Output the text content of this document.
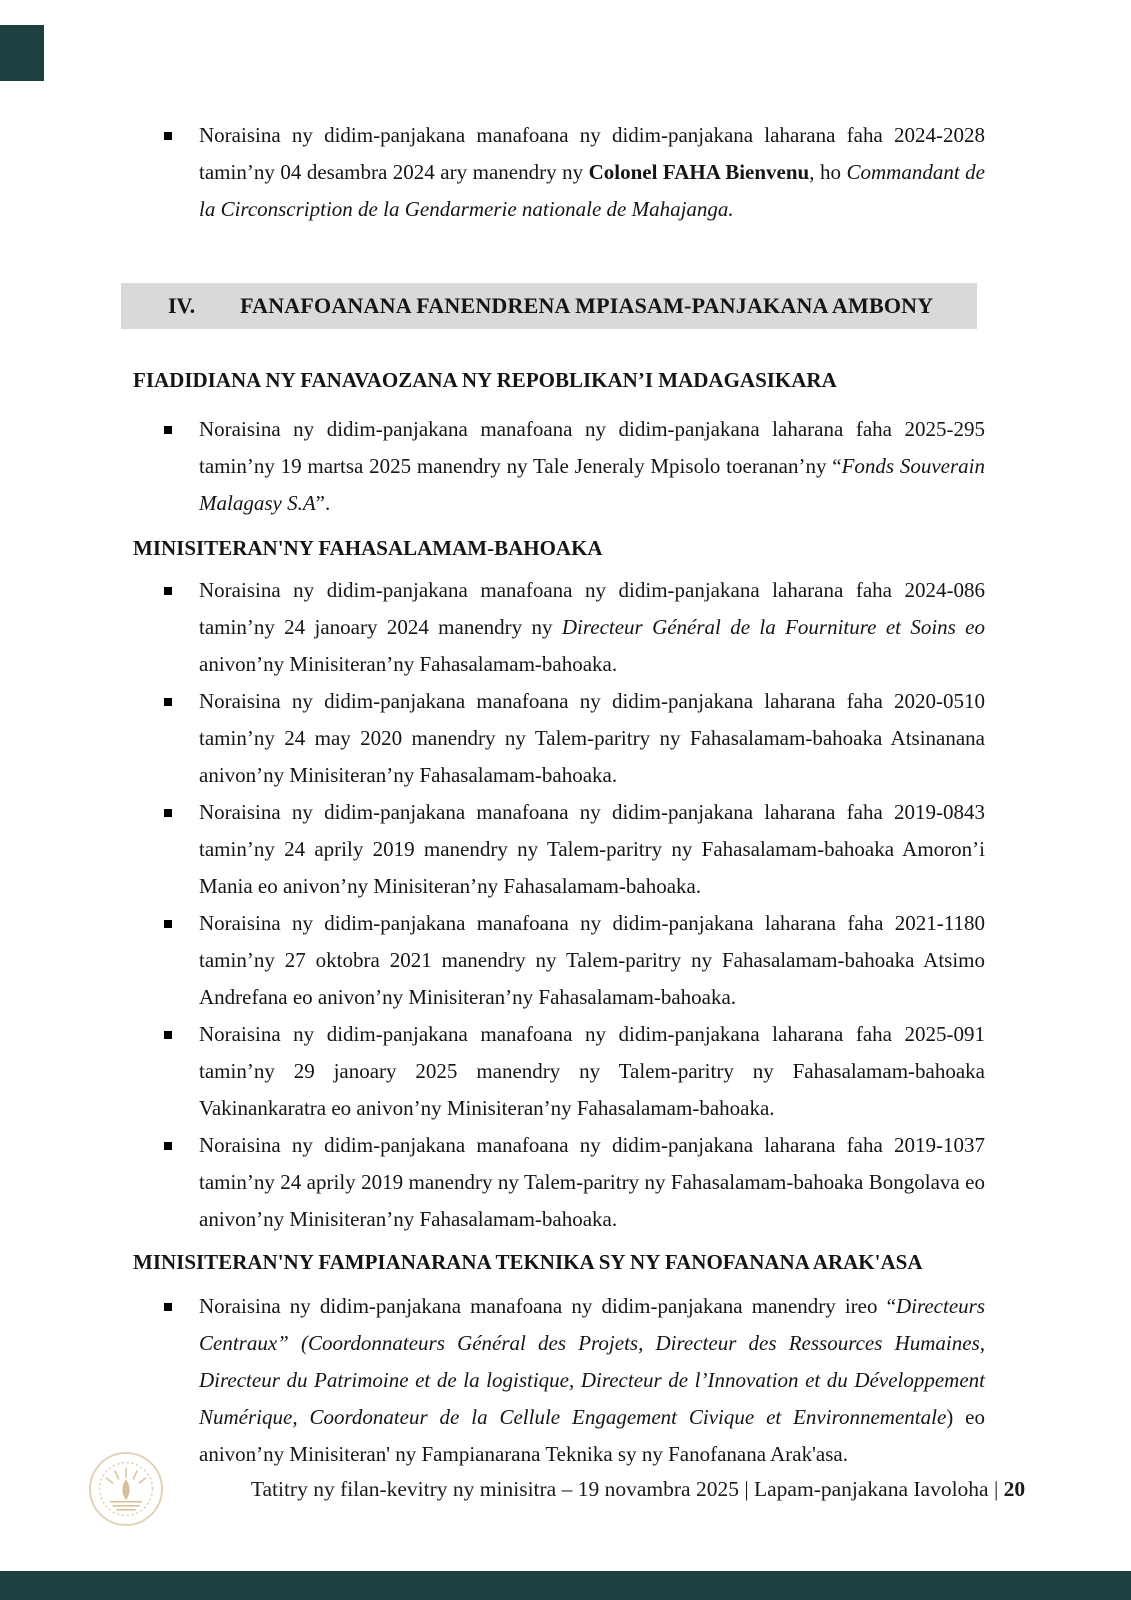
Noraisina ny didim-panjakana manafoana ny didim-panjakana laharana faha 2024-2028 tamin’ny 04 desambra 2024 ary manendry ny Colonel FAHA Bienvenu, ho Commandant de la Circonscription de la Gendarmerie nationale de Mahajanga.
IV. FANAFOANANA FANENDRENA MPIASAM-PANJAKANA AMBONY
FIADIDIANA NY FANAVAOZANA NY REPOBLIKAN’I MADAGASIKARA
Noraisina ny didim-panjakana manafoana ny didim-panjakana laharana faha 2025-295 tamin’ny 19 martsa 2025 manendry ny Tale Jeneraly Mpisolo toeranan’ny “Fonds Souverain Malagasy S.A”.
MINISITERAN'NY FAHASALAMAM-BAHOAKA
Noraisina ny didim-panjakana manafoana ny didim-panjakana laharana faha 2024-086 tamin’ny 24 janoary 2024 manendry ny Directeur Général de la Fourniture et Soins eo anivon’ny Minisiteran’ny Fahasalamam-bahoaka.
Noraisina ny didim-panjakana manafoana ny didim-panjakana laharana faha 2020-0510 tamin’ny 24 may 2020 manendry ny Talem-paritry ny Fahasalamam-bahoaka Atsinanana anivon’ny Minisiteran’ny Fahasalamam-bahoaka.
Noraisina ny didim-panjakana manafoana ny didim-panjakana laharana faha 2019-0843 tamin’ny 24 aprily 2019 manendry ny Talem-paritry ny Fahasalamam-bahoaka Amoron’i Mania eo anivon’ny Minisiteran’ny Fahasalamam-bahoaka.
Noraisina ny didim-panjakana manafoana ny didim-panjakana laharana faha 2021-1180 tamin’ny 27 oktobra 2021 manendry ny Talem-paritry ny Fahasalamam-bahoaka Atsimo Andrefana eo anivon’ny Minisiteran’ny Fahasalamam-bahoaka.
Noraisina ny didim-panjakana manafoana ny didim-panjakana laharana faha 2025-091 tamin’ny 29 janoary 2025 manendry ny Talem-paritry ny Fahasalamam-bahoaka Vakinankaratra eo anivon’ny Minisiteran’ny Fahasalamam-bahoaka.
Noraisina ny didim-panjakana manafoana ny didim-panjakana laharana faha 2019-1037 tamin’ny 24 aprily 2019 manendry ny Talem-paritry ny Fahasalamam-bahoaka Bongolava eo anivon’ny Minisiteran’ny Fahasalamam-bahoaka.
MINISITERAN'NY FAMPIANARANA TEKNIKA SY NY FANOFANANA ARAK'ASA
Noraisina ny didim-panjakana manafoana ny didim-panjakana manendry ireo “Directeurs Centraux” (Coordonnateurs Général des Projets, Directeur des Ressources Humaines, Directeur du Patrimoine et de la logistique, Directeur de l’Innovation et du Développement Numérique, Coordonateur de la Cellule Engagement Civique et Environnementale) eo anivon’ny Minisiteran' ny Fampianarana Teknika sy ny Fanofanana Arak'asa.
Tatitry ny filan-kevitry ny minisitra – 19 novambra 2025 | Lapam-panjakana Iavoloha | 20
